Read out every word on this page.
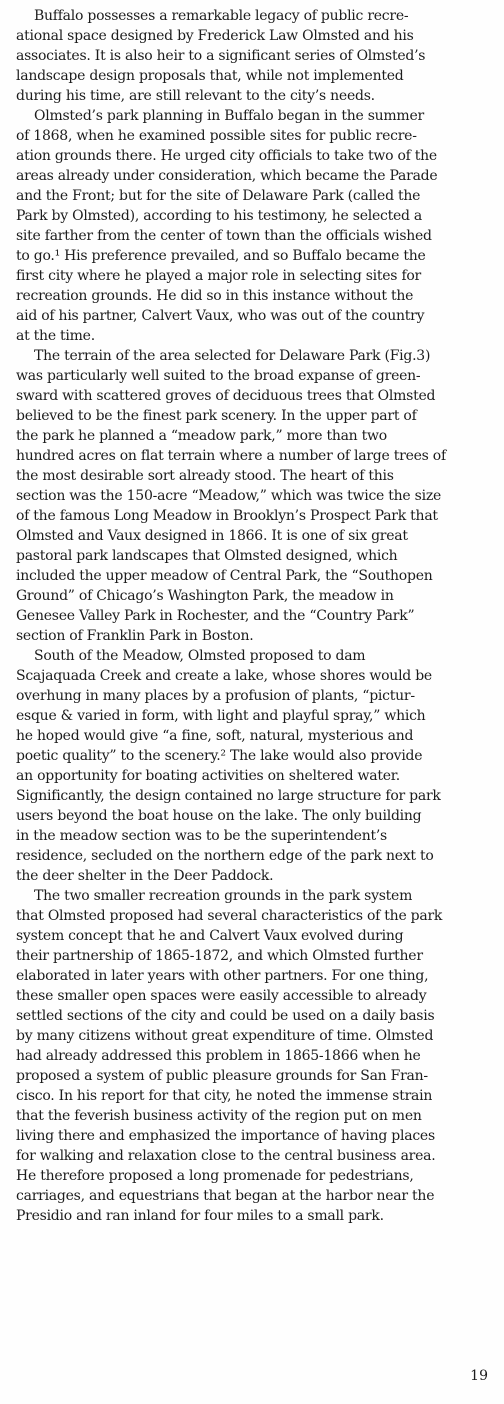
Buffalo possesses a remarkable legacy of public recre-
ational space designed by Frederick Law Olmsted and his
associates. It is also heir to a significant series of Olmsted’s
landscape design proposals that, while not implemented
during his time, are still relevant to the city’s needs.

Olmsted’s park planning in Buffalo began in the summer
of 1868, when he examined possible sites for public recre-
ation grounds there. He urged city officials to take two of the
areas already under consideration, which became the Parade
and the Front; but for the site of Delaware Park (called the
Park by Olmsted), according to his testimony, he selected a
site farther from the center of town than the officials wished
to go.¹ His preference prevailed, and so Buffalo became the
first city where he played a major role in selecting sites for
recreation grounds. He did so in this instance without the
aid of his partner, Calvert Vaux, who was out of the country
at the time.

The terrain of the area selected for Delaware Park (Fig.3)
was particularly well suited to the broad expanse of green-
sward with scattered groves of deciduous trees that Olmsted
believed to be the finest park scenery. In the upper part of
the park he planned a “meadow park,” more than two
hundred acres on flat terrain where a number of large trees of
the most desirable sort already stood. The heart of this
section was the 150-acre “Meadow,” which was twice the size
of the famous Long Meadow in Brooklyn’s Prospect Park that
Olmsted and Vaux designed in 1866. It is one of six great
pastoral park landscapes that Olmsted designed, which
included the upper meadow of Central Park, the “Southopen
Ground” of Chicago’s Washington Park, the meadow in
Genesee Valley Park in Rochester, and the “Country Park”
section of Franklin Park in Boston.

South of the Meadow, Olmsted proposed to dam
Scajaquada Creek and create a lake, whose shores would be
overhung in many places by a profusion of plants, “pictur-
esque & varied in form, with light and playful spray,” which
he hoped would give “a fine, soft, natural, mysterious and
poetic quality” to the scenery.² The lake would also provide
an opportunity for boating activities on sheltered water.
Significantly, the design contained no large structure for park
users beyond the boat house on the lake. The only building
in the meadow section was to be the superintendent’s
residence, secluded on the northern edge of the park next to
the deer shelter in the Deer Paddock.

The two smaller recreation grounds in the park system
that Olmsted proposed had several characteristics of the park
system concept that he and Calvert Vaux evolved during
their partnership of 1865-1872, and which Olmsted further
elaborated in later years with other partners. For one thing,
these smaller open spaces were easily accessible to already
settled sections of the city and could be used on a daily basis
by many citizens without great expenditure of time. Olmsted
had already addressed this problem in 1865-1866 when he
proposed a system of public pleasure grounds for San Fran-
cisco. In his report for that city, he noted the immense strain
that the feverish business activity of the region put on men
living there and emphasized the importance of having places
for walking and relaxation close to the central business area.
He therefore proposed a long promenade for pedestrians,
carriages, and equestrians that began at the harbor near the
Presidio and ran inland for four miles to a small park.

19
